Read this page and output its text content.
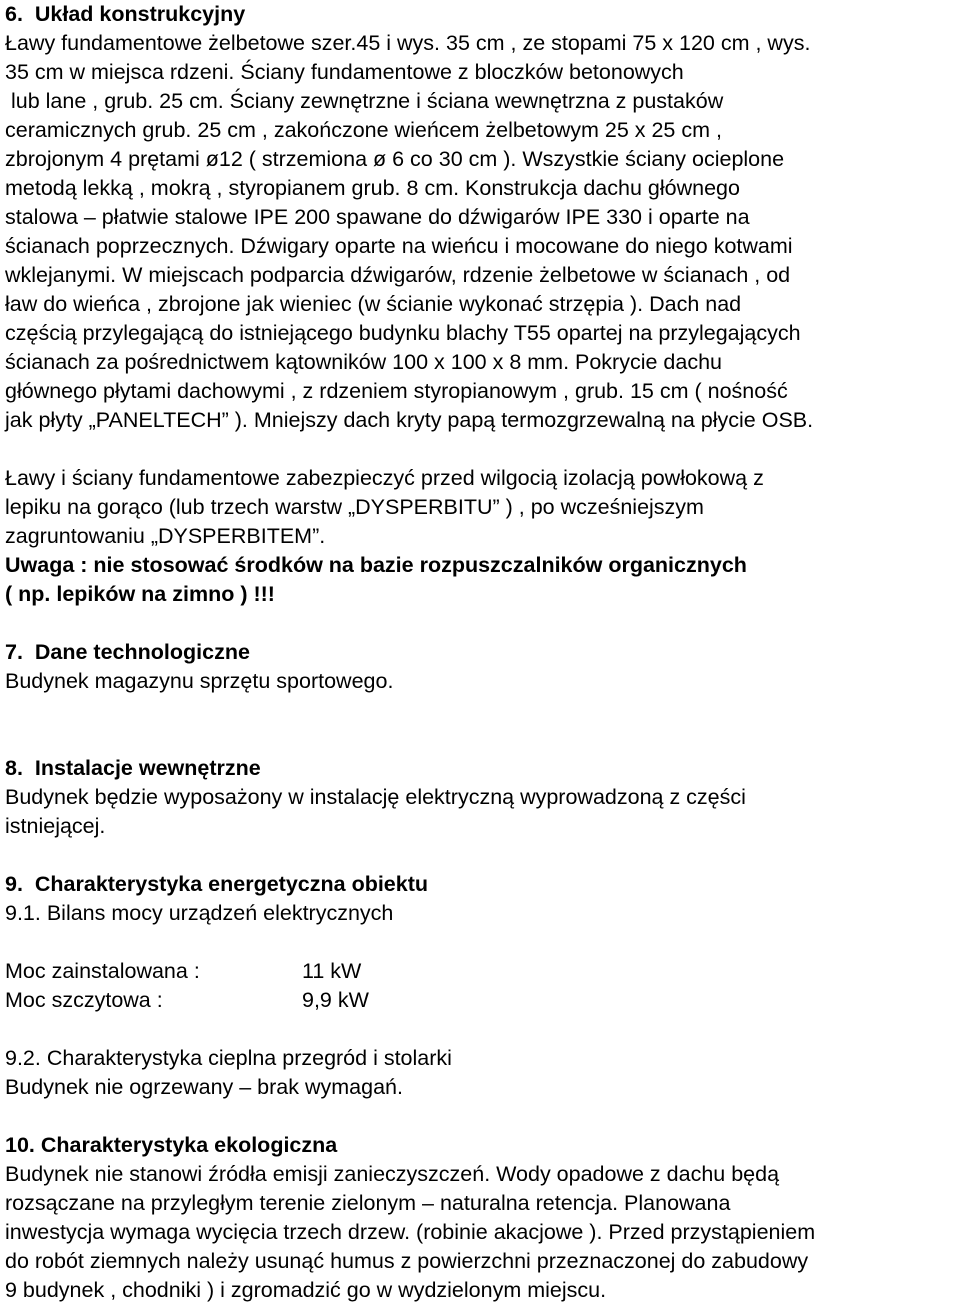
6.  Układ konstrukcyjny
Ławy fundamentowe żelbetowe szer.45 i wys. 35 cm , ze stopami 75 x 120 cm , wys.
35 cm w miejsca rdzeni. Ściany fundamentowe z bloczków betonowych
lub lane , grub. 25 cm. Ściany zewnętrzne i ściana wewnętrzna z pustaków
ceramicznych grub. 25 cm , zakończone wieńcem żelbetowym 25 x 25 cm ,
zbrojonym 4 prętami ø12 ( strzemiona ø 6 co 30 cm ). Wszystkie ściany ocieplone
metodą lekką , mokrą , styropianem grub. 8 cm. Konstrukcja dachu głównego
stalowa – płatwie stalowe IPE 200 spawane do dźwigarów IPE 330 i oparte na
ścianach poprzecznych. Dźwigary oparte na wieńcu i mocowane do niego kotwami
wklejanymi. W miejscach podparcia dźwigarów, rdzenie żelbetowe w ścianach , od
ław do wieńca , zbrojone jak wieniec (w ścianie wykonać strzępia ). Dach nad
częścią przylegającą do istniejącego budynku blachy T55 opartej na przylegających
ścianach za pośrednictwem kątowników 100 x 100 x 8 mm. Pokrycie dachu
głównego płytami dachowymi , z rdzeniem styropianowym , grub. 15 cm ( nośność
jak płyty „PANELTECH” ). Mniejszy dach kryty papą termozgrzewalną na płycie OSB.
Ławy i ściany fundamentowe zabezpieczyć przed wilgocią izolacją powłokową z
lepiku na gorąco (lub trzech warstw „DYSPERBITU” ) , po wcześniejszym
zagruntowaniu „DYSPERBITEM”.
Uwaga : nie stosować środków na bazie rozpuszczalników organicznych
( np. lepików na zimno ) !!!
7.  Dane technologiczne
Budynek magazynu sprzętu sportowego.
8.  Instalacje wewnętrzne
Budynek będzie wyposażony w instalację elektryczną wyprowadzoną z części
istniejącej.
9.  Charakterystyka energetyczna obiektu
9.1. Bilans mocy urządzeń elektrycznych
Moc zainstalowana :	11 kW
Moc szczytowa :	9,9 kW
9.2. Charakterystyka cieplna przegród i stolarki
Budynek nie ogrzewany – brak wymagań.
10. Charakterystyka ekologiczna
Budynek nie stanowi źródła emisji zanieczyszczeń. Wody opadowe z dachu będą
rozsączane na przyległym terenie zielonym – naturalna retencja. Planowana
inwestycja wymaga wycięcia trzech drzew. (robinie akacjowe ). Przed przystąpieniem
do robót ziemnych należy usunąć humus z powierzchni przeznaczonej do zabudowy
9 budynek , chodniki ) i zgromadzić go w wydzielonym miejscu.
